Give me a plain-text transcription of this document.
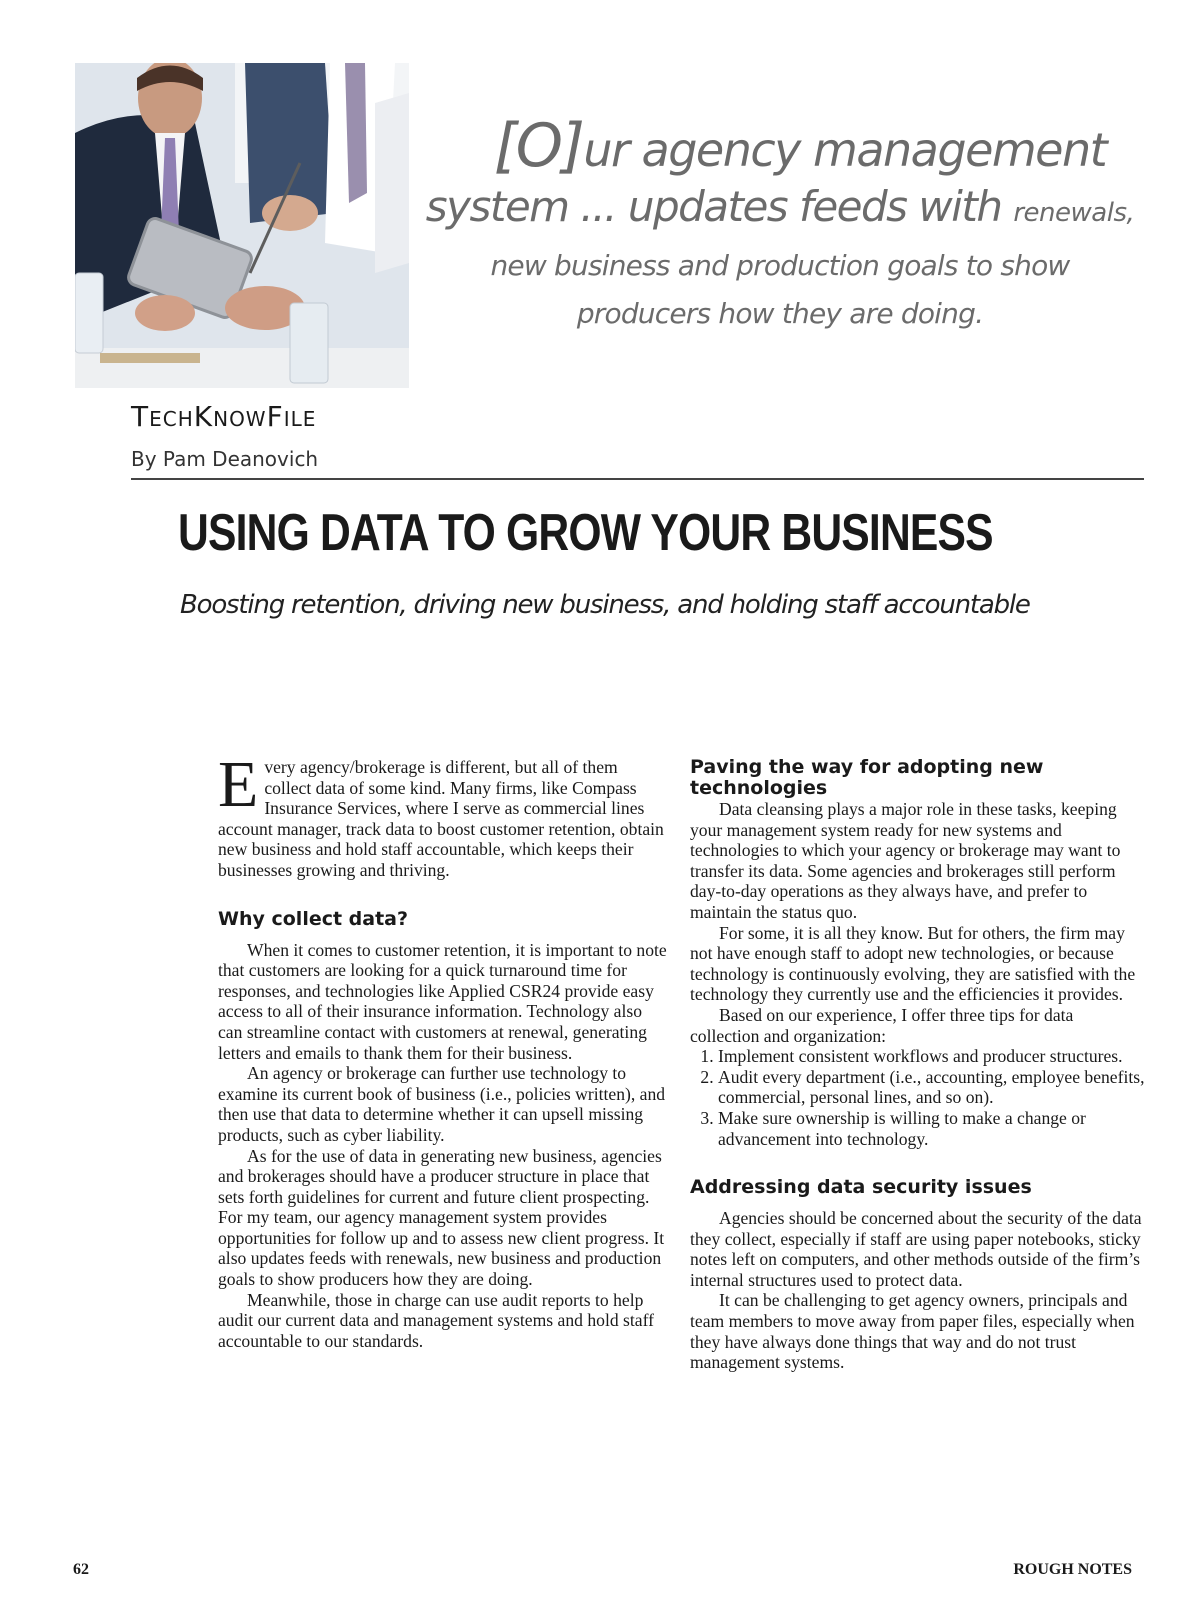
[O]ur agency management
system ... updates feeds with renewals,
new business and production goals to show
producers how they are doing.
TechKnowFile
By Pam Deanovich
USING DATA TO GROW YOUR BUSINESS
Boosting retention, driving new business, and holding staff accountable

Every agency/brokerage is different, but all of them collect data of some kind. Many firms, like Compass Insurance Services, where I serve as commercial lines account manager, track data to boost customer retention, obtain new business and hold staff accountable, which keeps their businesses growing and thriving.

Why collect data?

When it comes to customer retention, it is important to note that customers are looking for a quick turnaround time for responses, and technologies like Applied CSR24 provide easy access to all of their insurance information. Technology also can streamline contact with customers at renewal, generating letters and emails to thank them for their business.

An agency or brokerage can further use technology to examine its current book of business (i.e., policies written), and then use that data to determine whether it can upsell missing products, such as cyber liability.

As for the use of data in generating new business, agencies and brokerages should have a producer structure in place that sets forth guidelines for current and future client prospecting. For my team, our agency management system provides opportunities for follow up and to assess new client progress. It also updates feeds with renewals, new business and production goals to show producers how they are doing.

Meanwhile, those in charge can use audit reports to help audit our current data and management systems and hold staff accountable to our standards.

Paving the way for adopting new technologies

Data cleansing plays a major role in these tasks, keeping your management system ready for new systems and technologies to which your agency or brokerage may want to transfer its data. Some agencies and brokerages still perform day-to-day operations as they always have, and prefer to maintain the status quo.

For some, it is all they know. But for others, the firm may not have enough staff to adopt new technologies, or because technology is continuously evolving, they are satisfied with the technology they currently use and the efficiencies it provides.

Based on our experience, I offer three tips for data collection and organization:

1. Implement consistent workflows and producer structures.
2. Audit every department (i.e., accounting, employee benefits, commercial, personal lines, and so on).
3. Make sure ownership is willing to make a change or advancement into technology.
Addressing data security issues

Agencies should be concerned about the security of the data they collect, especially if staff are using paper notebooks, sticky notes left on computers, and other methods outside of the firm’s internal structures used to protect data.

It can be challenging to get agency owners, principals and team members to move away from paper files, especially when they have always done things that way and do not trust management systems.

62	ROUGH NOTES
